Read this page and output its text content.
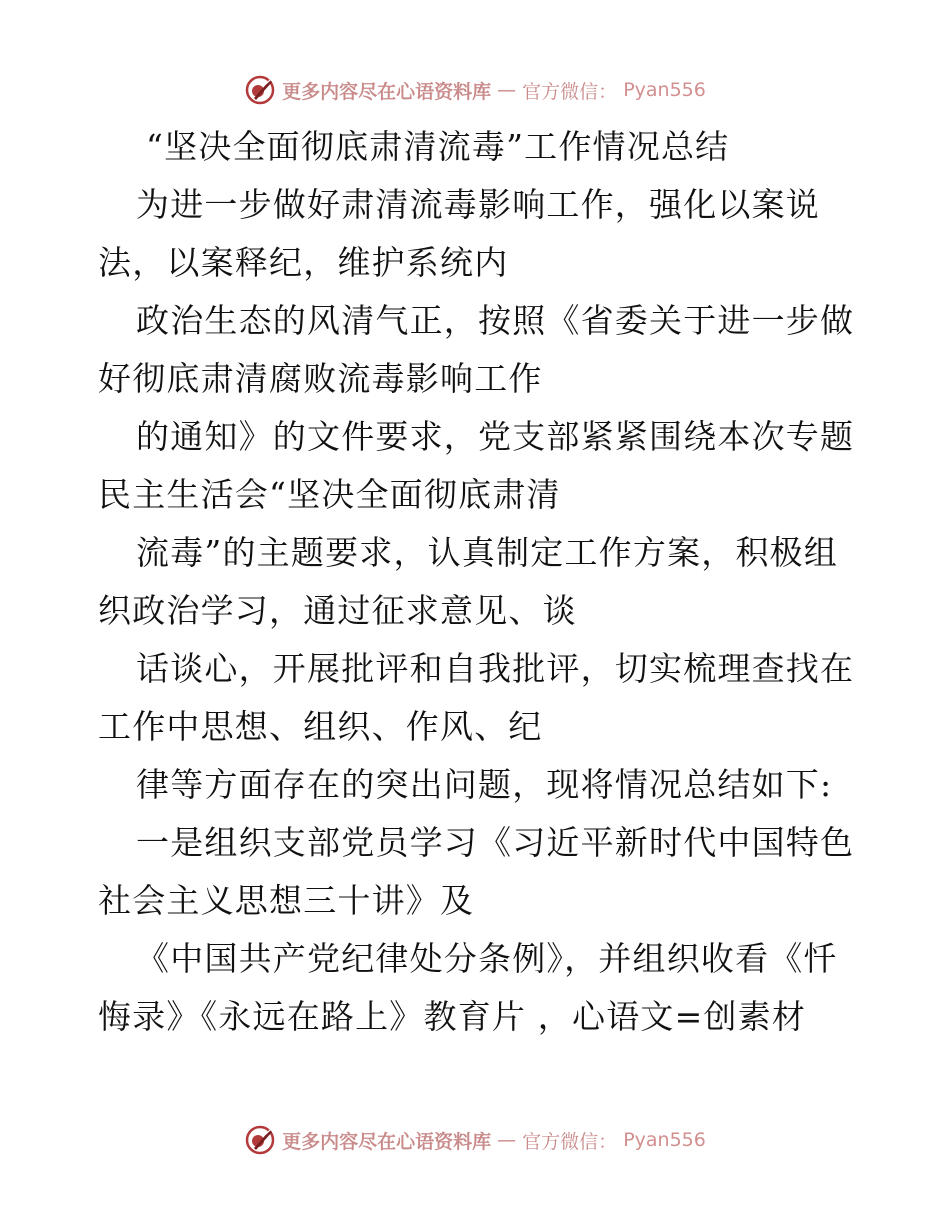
更多内容尽在心语资料库 — 官方微信： Pyan556
“坚决全面彻底肃清流毒”工作情况总结
为进一步做好肃清流毒影响工作，强化以案说
法，以案释纪，维护系统内
政治生态的风清气正，按照《省委关于进一步做
好彻底肃清腐败流毒影响工作
的通知》的文件要求，党支部紧紧围绕本次专题
民主生活会“坚决全面彻底肃清
流毒”的主题要求，认真制定工作方案，积极组
织政治学习，通过征求意见、谈
话谈心，开展批评和自我批评，切实梳理查找在
工作中思想、组织、作风、纪
律等方面存在的突出问题，现将情况总结如下:
一是组织支部党员学习《习近平新时代中国特色
社会主义思想三十讲》及
《中国共产党纪律处分条例》，并组织收看《忏
悔录》《永远在路上》教育片 ，心语文=创素材
更多内容尽在心语资料库 — 官方微信： Pyan556
